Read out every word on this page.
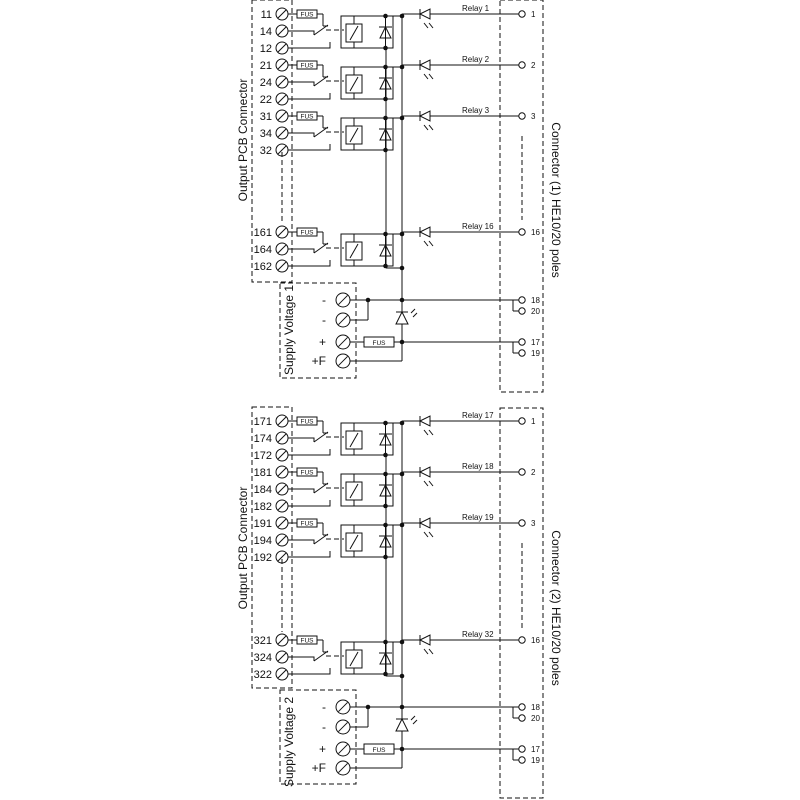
Output PCB Connector
Supply Voltage 1
Connector (1) HE10/20 poles
11
14
12
FUS
Relay 1
1
21
24
22
FUS
Relay 2
2
31
34
32
FUS
Relay 3
3
161
164
162
FUS
Relay 16
16
-
-
+
+F
FUS
18
20
17
19
Output PCB Connector
Supply Voltage 2
Connector (2) HE10/20 poles
171
174
172
FUS
Relay 17
1
181
184
182
FUS
Relay 18
2
191
194
192
FUS
Relay 19
3
321
324
322
FUS
Relay 32
16
-
-
+
+F
FUS
18
20
17
19
